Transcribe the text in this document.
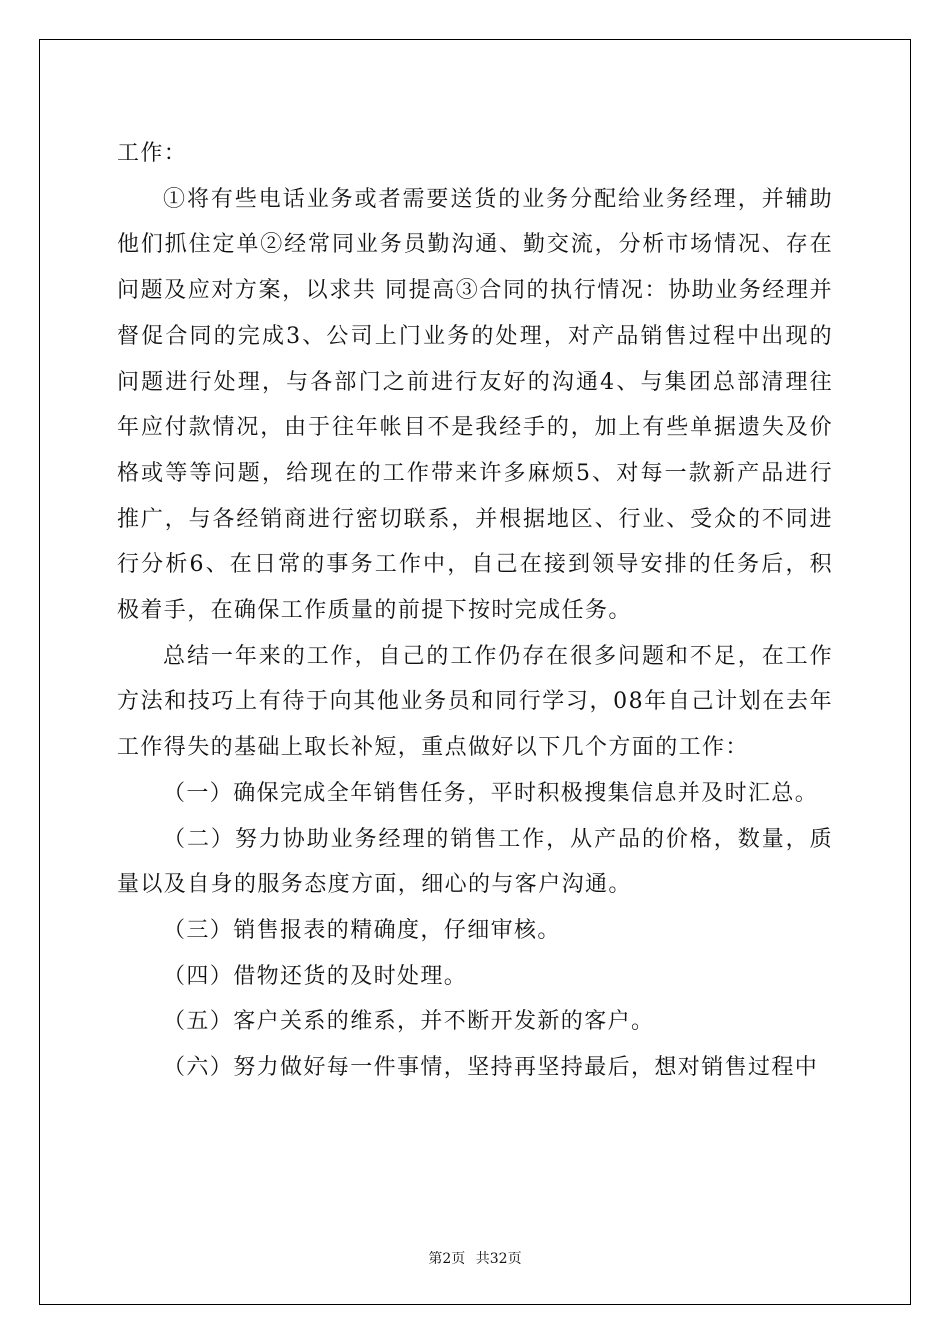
工作：

①将有些电话业务或者需要送货的业务分配给业务经理，并辅助他们抓住定单②经常同业务员勤沟通、勤交流，分析市场情况、存在问题及应对方案，以求共 同提高③合同的执行情况：协助业务经理并督促合同的完成3、公司上门业务的处理，对产品销售过程中出现的问题进行处理，与各部门之前进行友好的沟通4、与集团总部清理往年应付款情况，由于往年帐目不是我经手的，加上有些单据遗失及价格或等等问题，给现在的工作带来许多麻烦5、对每一款新产品进行推广，与各经销商进行密切联系，并根据地区、行业、受众的不同进行分析6、在日常的事务工作中，自己在接到领导安排的任务后，积极着手，在确保工作质量的前提下按时完成任务。

总结一年来的工作，自己的工作仍存在很多问题和不足，在工作方法和技巧上有待于向其他业务员和同行学习，08年自己计划在去年工作得失的基础上取长补短，重点做好以下几个方面的工作：

（一）确保完成全年销售任务，平时积极搜集信息并及时汇总。

（二）努力协助业务经理的销售工作，从产品的价格，数量，质量以及自身的服务态度方面，细心的与客户沟通。

（三）销售报表的精确度，仔细审核。

（四）借物还货的及时处理。

（五）客户关系的维系，并不断开发新的客户。

（六）努力做好每一件事情，坚持再坚持最后，想对销售过程中

第2页 共32页
